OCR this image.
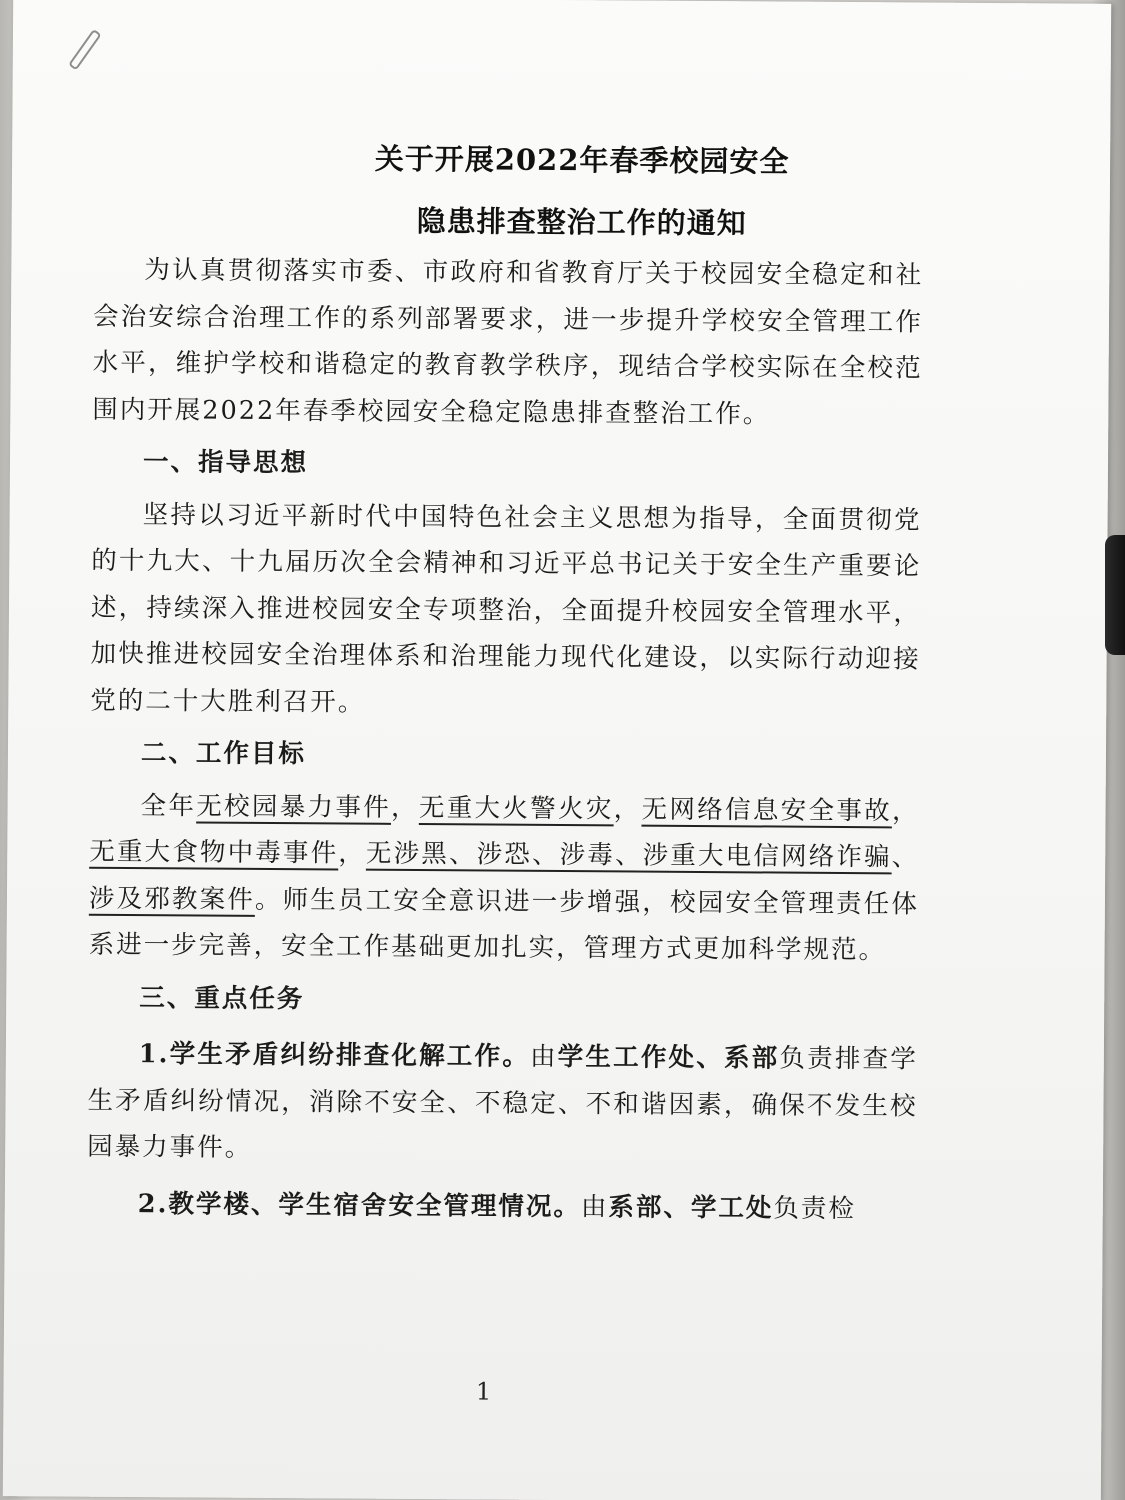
关于开展2022年春季校园安全
隐患排查整治工作的通知

为认真贯彻落实市委、市政府和省教育厅关于校园安全稳定和社会治安综合治理工作的系列部署要求，进一步提升学校安全管理工作水平，维护学校和谐稳定的教育教学秩序，现结合学校实际在全校范围内开展2022年春季校园安全稳定隐患排查整治工作。

一、指导思想

坚持以习近平新时代中国特色社会主义思想为指导，全面贯彻党的十九大、十九届历次全会精神和习近平总书记关于安全生产重要论述，持续深入推进校园安全专项整治，全面提升校园安全管理水平，加快推进校园安全治理体系和治理能力现代化建设，以实际行动迎接党的二十大胜利召开。

二、工作目标

全年无校园暴力事件，无重大火警火灾，无网络信息安全事故，无重大食物中毒事件，无涉黑、涉恐、涉毒、涉重大电信网络诈骗、涉及邪教案件。师生员工安全意识进一步增强，校园安全管理责任体系进一步完善，安全工作基础更加扎实，管理方式更加科学规范。

三、重点任务

1.学生矛盾纠纷排查化解工作。由学生工作处、系部负责排查学生矛盾纠纷情况，消除不安全、不稳定、不和谐因素，确保不发生校园暴力事件。

2.教学楼、学生宿舍安全管理情况。由系部、学工处负责检

1
